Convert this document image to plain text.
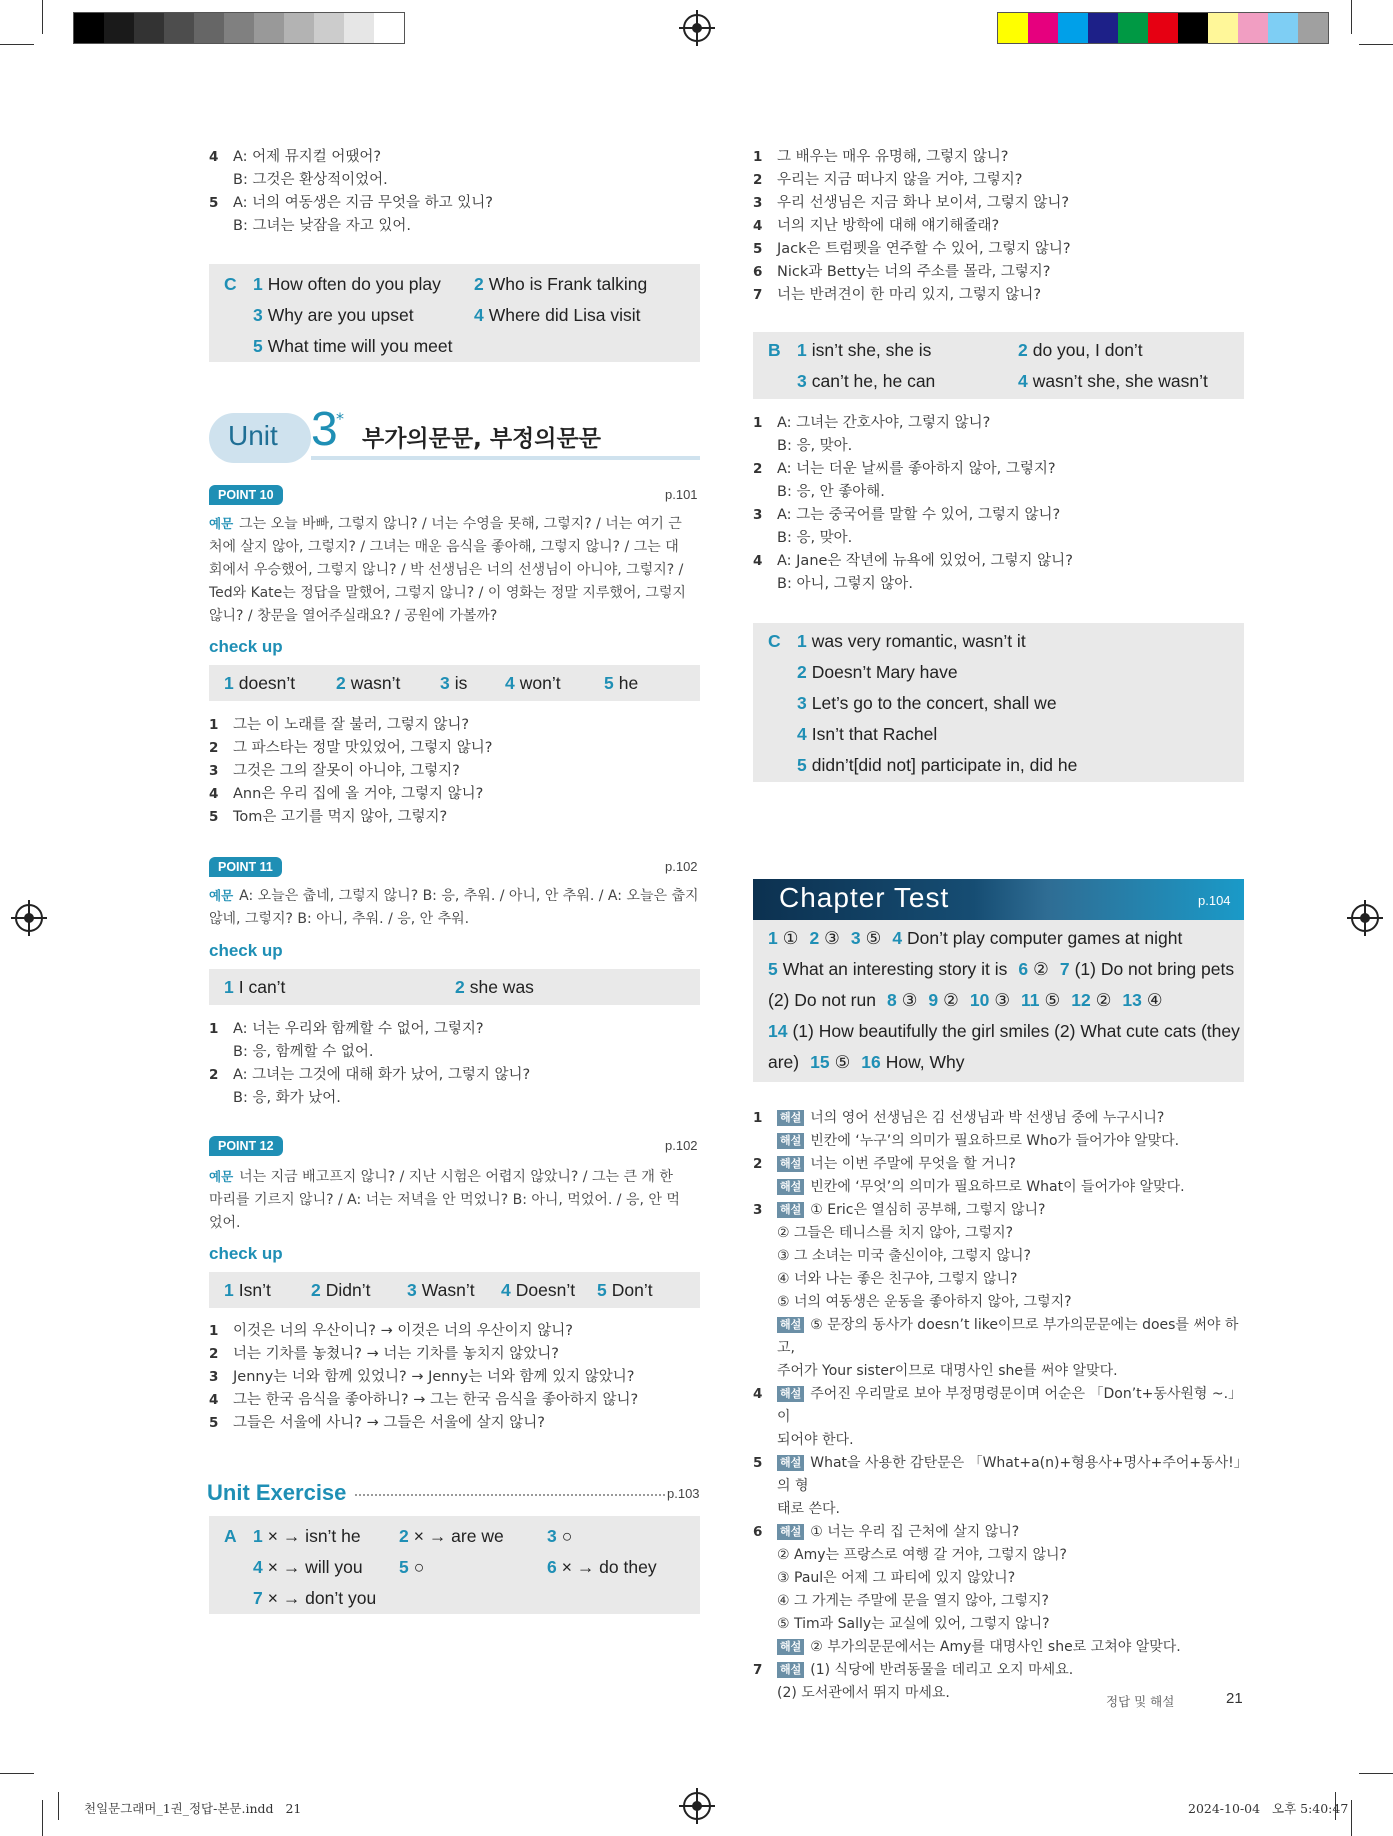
4	A: 어제 뮤지컬 어땠어?
B: 그것은 환상적이었어.
5	A: 너의 여동생은 지금 무엇을 하고 있니?
B: 그녀는 낮잠을 자고 있어.
C 1 How often do you play 2 Who is Frank talking
3 Why are you upset	4 Where did Lisa visit
5 What time will you meet
Unit 3
*
부가의문문, 부정의문문
POINT 10	p.101
예문 그는 오늘 바빠, 그렇지 않니? / 너는 수영을 못해, 그렇지? / 너는 여기 근
처에 살지 않아, 그렇지? / 그녀는 매운 음식을 좋아해, 그렇지 않니? / 그는 대
회에서 우승했어, 그렇지 않니? / 박 선생님은 너의 선생님이 아니야, 그렇지? /
Ted와 Kate는 정답을 말했어, 그렇지 않니? / 이 영화는 정말 지루했어, 그렇지
않니? / 창문을 열어주실래요? / 공원에 가볼까?
check up
1 doesn’t 2 wasn’t 3 is 4 won’t 5 he
1	그는 이 노래를 잘 불러, 그렇지 않니?
2	그 파스타는 정말 맛있었어, 그렇지 않니?
3	그것은 그의 잘못이 아니야, 그렇지?
4	Ann은 우리 집에 올 거야, 그렇지 않니?
5	Tom은 고기를 먹지 않아, 그렇지?
POINT 11	p.102
예문 A: 오늘은 춥네, 그렇지 않니? B: 응, 추워. / 아니, 안 추워. / A: 오늘은 춥지
않네, 그렇지? B: 아니, 추워. / 응, 안 추워.
check up
1 I can’t	2 she was
1	A: 너는 우리와 함께할 수 없어, 그렇지?
B: 응, 함께할 수 없어.
2	A: 그녀는 그것에 대해 화가 났어, 그렇지 않니?
B: 응, 화가 났어.
POINT 12	p.102
예문 너는 지금 배고프지 않니? / 지난 시험은 어렵지 않았니? / 그는 큰 개 한
마리를 기르지 않니? / A: 너는 저녁을 안 먹었니? B: 아니, 먹었어. / 응, 안 먹
었어.
check up
1 Isn’t 2 Didn’t 3 Wasn’t 4 Doesn’t 5 Don’t
1	이것은 너의 우산이니? → 이것은 너의 우산이지 않니?
2	너는 기차를 놓쳤니? → 너는 기차를 놓치지 않았니?
3	Jenny는 너와 함께 있었니? → Jenny는 너와 함께 있지 않았니?
4	그는 한국 음식을 좋아하니? → 그는 한국 음식을 좋아하지 않니?
5	그들은 서울에 사니? → 그들은 서울에 살지 않니?
Unit Exercise	p.103
A 1 × → isn’t he 2 × → are we 3 ○
4 × → will you 5 ○	6 × → do they
7 × → don’t you
1	그 배우는 매우 유명해, 그렇지 않니?
2	우리는 지금 떠나지 않을 거야, 그렇지?
3	우리 선생님은 지금 화나 보이셔, 그렇지 않니?
4	너의 지난 방학에 대해 얘기해줄래?
5	Jack은 트럼펫을 연주할 수 있어, 그렇지 않니?
6	Nick과 Betty는 너의 주소를 몰라, 그렇지?
7	너는 반려견이 한 마리 있지, 그렇지 않니?
B 1 isn’t she, she is	2 do you, I don’t
3 can’t he, he can	4 wasn’t she, she wasn’t
1	A: 그녀는 간호사야, 그렇지 않니?
B: 응, 맞아.
2	A: 너는 더운 날씨를 좋아하지 않아, 그렇지?
B: 응, 안 좋아해.
3	A: 그는 중국어를 말할 수 있어, 그렇지 않니?
B: 응, 맞아.
4	A: Jane은 작년에 뉴욕에 있었어, 그렇지 않니?
B: 아니, 그렇지 않아.
C 1 was very romantic, wasn’t it
2 Doesn’t Mary have
3 Let’s go to the concert, shall we
4 Isn’t that Rachel
5 didn’t[did not] participate in, did he
Chapter Test	p.104
1 ① 2 ③ 3 ⑤ 4 Don’t play computer games at night
5 What an interesting story it is 6 ② 7 (1) Do not bring pets
(2) Do not run 8 ③ 9 ② 10 ③ 11 ⑤ 12 ② 13 ④
14 (1) How beautifully the girl smiles (2) What cute cats (they
are) 15 ⑤ 16 How, Why
1	해설 너의 영어 선생님은 김 선생님과 박 선생님 중에 누구시니?
해설 빈칸에 ‘누구’의 의미가 필요하므로 Who가 들어가야 알맞다.
2	해설 너는 이번 주말에 무엇을 할 거니?
해설 빈칸에 ‘무엇’의 의미가 필요하므로 What이 들어가야 알맞다.
3	해설 ① Eric은 열심히 공부해, 그렇지 않니?
② 그들은 테니스를 치지 않아, 그렇지?
③ 그 소녀는 미국 출신이야, 그렇지 않니?
④ 너와 나는 좋은 친구야, 그렇지 않니?
⑤ 너의 여동생은 운동을 좋아하지 않아, 그렇지?
해설 ⑤ 문장의 동사가 doesn’t like이므로 부가의문문에는 does를 써야 하고,
주어가 Your sister이므로 대명사인 she를 써야 알맞다.
4	해설 주어진 우리말로 보아 부정명령문이며 어순은 「Don’t+동사원형 ~.」이
되어야 한다.
5	해설 What을 사용한 감탄문은 「What+a(n)+형용사+명사+주어+동사!」의 형
태로 쓴다.
6	해설 ① 너는 우리 집 근처에 살지 않니?
② Amy는 프랑스로 여행 갈 거야, 그렇지 않니?
③ Paul은 어제 그 파티에 있지 않았니?
④ 그 가게는 주말에 문을 열지 않아, 그렇지?
⑤ Tim과 Sally는 교실에 있어, 그렇지 않니?
해설 ② 부가의문문에서는 Amy를 대명사인 she로 고쳐야 알맞다.
7	해설 (1) 식당에 반려동물을 데리고 오지 마세요.
(2) 도서관에서 뛰지 마세요.
정답 및 해설	21
천일문그래머_1권_정답-본문.indd   21	2024-10-04   오후 5:40:47
